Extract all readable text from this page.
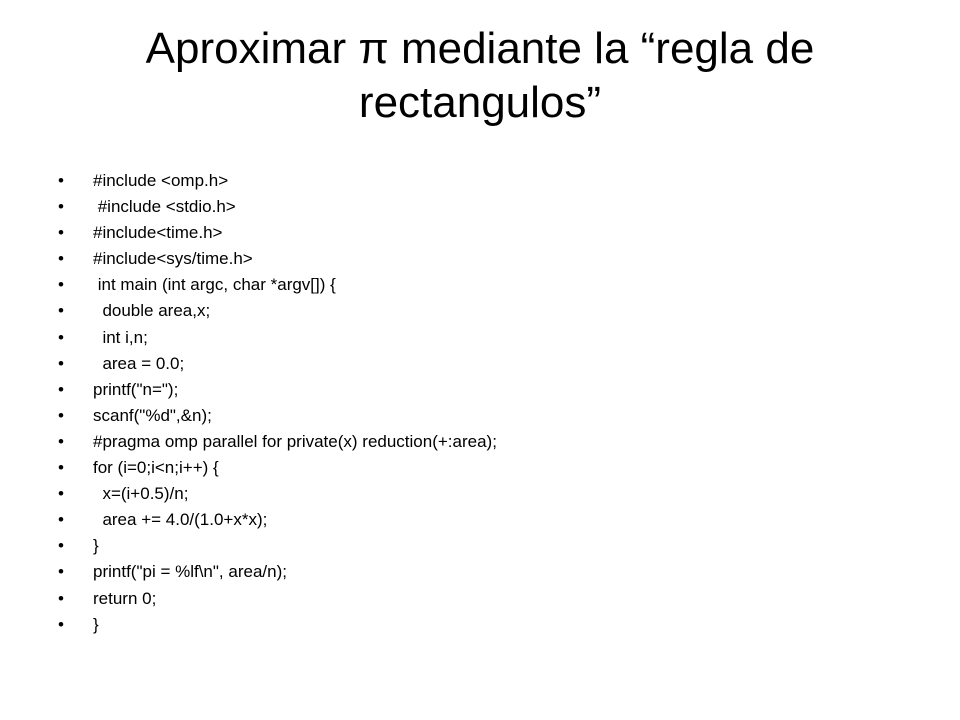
Aproximar π mediante la “regla de
rectangulos”
•	#include <omp.h>
•	#include <stdio.h>
•	#include<time.h>
•	#include<sys/time.h>
•	int main (int argc, char *argv[]) {
•	double area,x;
•	int i,n;
•	area = 0.0;
•	printf("n=");
•	scanf("%d",&n);
•	#pragma omp parallel for private(x) reduction(+:area);
•	for (i=0;i<n;i++) {
•	x=(i+0.5)/n;
•	area += 4.0/(1.0+x*x);
•	}
•	printf("pi = %lf\n", area/n);
•	return 0;
•	}
